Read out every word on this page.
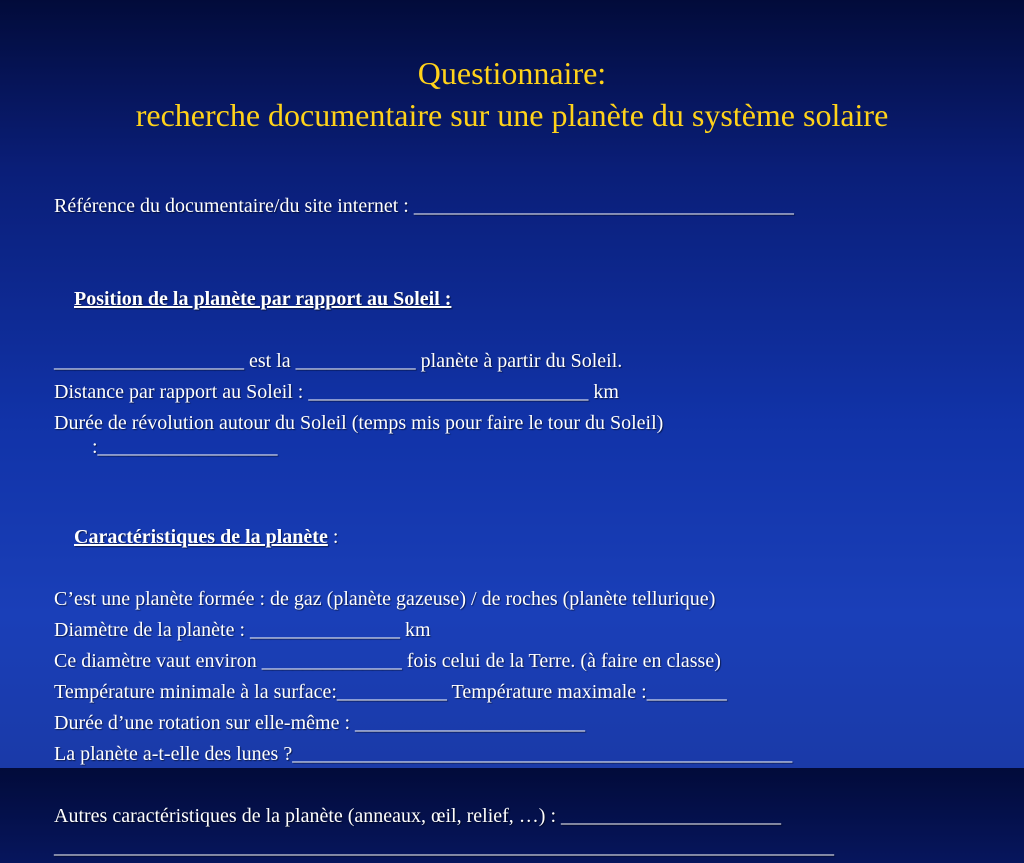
Questionnaire:
recherche documentaire sur une planète du système solaire
Référence du documentaire/du site internet : ______________________________________

Position de la planète par rapport au Soleil :

___________________ est la ____________ planète à partir du Soleil.
Distance par rapport au Soleil : ____________________________ km
Durée de révolution autour du Soleil (temps mis pour faire le tour du Soleil) :__________________

Caractéristiques de la planète :

C’est une planète formée : de gaz (planète gazeuse) / de roches (planète tellurique)
Diamètre de la planète : _______________ km
Ce diamètre vaut environ ______________ fois celui de la Terre. (à faire en classe)
Température minimale à la surface:___________ Température maximale :________
Durée d’une rotation sur elle-même : _______________________
La planète a-t-elle des lunes ?__________________________________________________
Autres caractéristiques de la planète (anneaux, œil, relief, …) : ______________________
______________________________________________________________________________
